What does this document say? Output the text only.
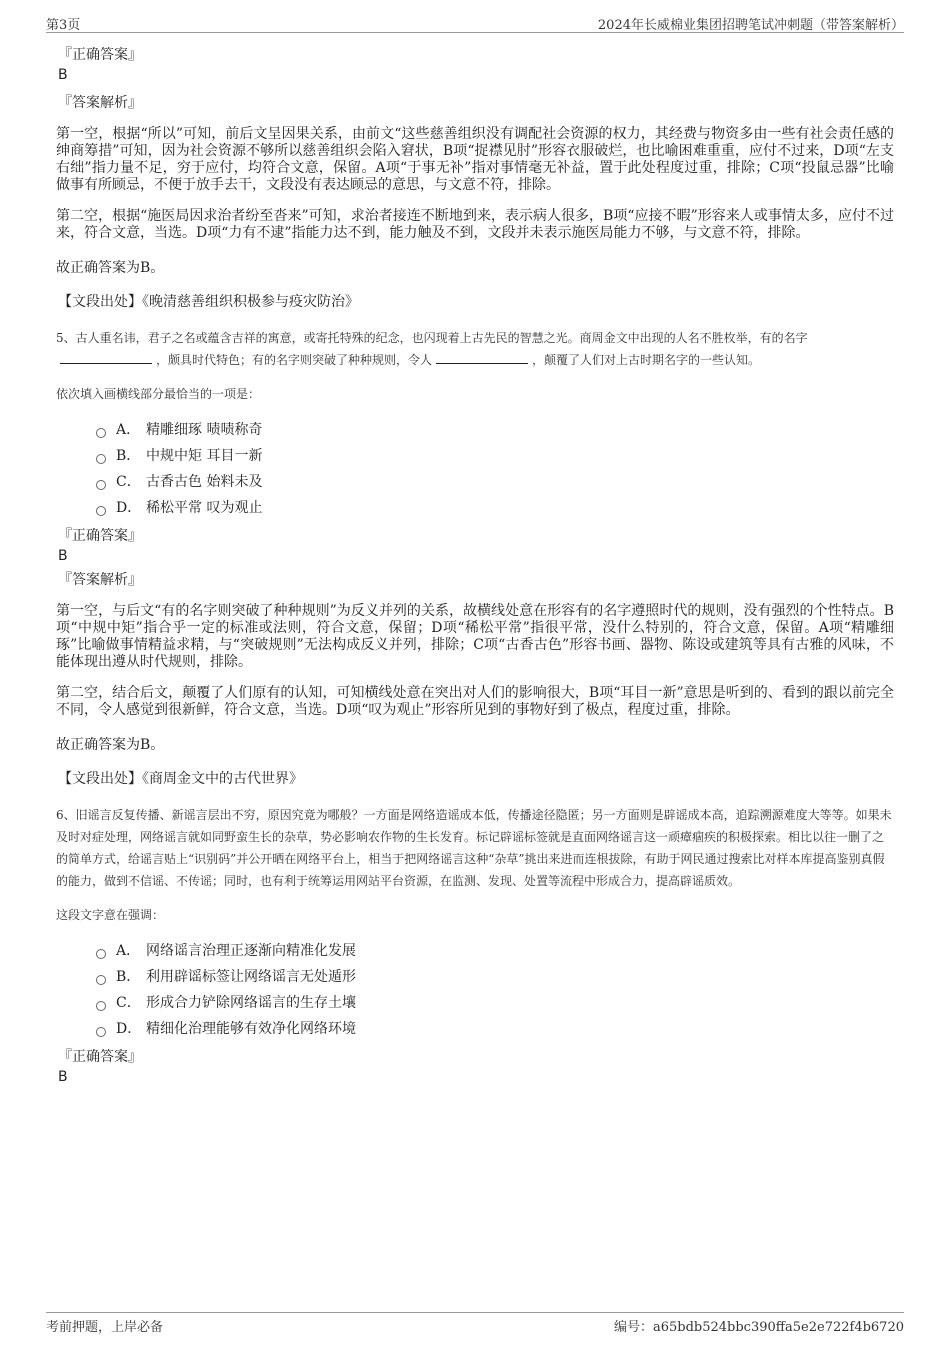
第3页	2024年长威棉业集团招聘笔试冲刺题（带答案解析）
『正确答案』
B
『答案解析』
第一空，根据“所以”可知，前后文呈因果关系，由前文“这些慈善组织没有调配社会资源的权力，其经费与物资多由一些有社会责任感的绅商筹措”可知，因为社会资源不够所以慈善组织会陷入窘状，B项“捉襟见肘”形容衣服破烂，也比喻困难重重，应付不过来，D项“左支右绌”指力量不足，穷于应付，均符合文意，保留。A项“于事无补”指对事情毫无补益，置于此处程度过重，排除；C项“投鼠忌器”比喻做事有所顾忌，不便于放手去干，文段没有表达顾忌的意思，与文意不符，排除。
第二空，根据“施医局因求治者纷至沓来”可知，求治者接连不断地到来，表示病人很多，B项“应接不暇”形容来人或事情太多，应付不过来，符合文意，当选。D项“力有不逮”指能力达不到，能力触及不到，文段并未表示施医局能力不够，与文意不符，排除。
故正确答案为B。
【文段出处】《晚清慈善组织积极参与疫灾防治》
5、古人重名讳，君子之名或蕴含吉祥的寓意，或寄托特殊的纪念，也闪现着上古先民的智慧之光。商周金文中出现的人名不胜枚举，有的名字，颇具时代特色；有的名字则突破了种种规则，令人	，颠覆了人们对上古时期名字的一些认知。
依次填入画横线部分最恰当的一项是：
A． 精雕细琢 啧啧称奇
B． 中规中矩 耳目一新
C． 古香古色 始料未及
D． 稀松平常 叹为观止
『正确答案』
B
『答案解析』
第一空，与后文“有的名字则突破了种种规则”为反义并列的关系，故横线处意在形容有的名字遵照时代的规则，没有强烈的个性特点。B项“中规中矩”指合乎一定的标准或法则，符合文意，保留；D项“稀松平常”指很平常，没什么特别的，符合文意，保留。A项“精雕细琢”比喻做事情精益求精，与“突破规则”无法构成反义并列，排除；C项“古香古色”形容书画、器物、陈设或建筑等具有古雅的风味，不能体现出遵从时代规则，排除。
第二空，结合后文，颠覆了人们原有的认知，可知横线处意在突出对人们的影响很大，B项“耳目一新”意思是听到的、看到的跟以前完全不同，令人感觉到很新鲜，符合文意，当选。D项“叹为观止”形容所见到的事物好到了极点，程度过重，排除。
故正确答案为B。
【文段出处】《商周金文中的古代世界》
6、旧谣言反复传播、新谣言层出不穷，原因究竟为哪般？一方面是网络造谣成本低，传播途径隐匿；另一方面则是辟谣成本高，追踪溯源难度大等等。如果未及时对症处理，网络谣言就如同野蛮生长的杂草，势必影响农作物的生长发育。标记辟谣标签就是直面网络谣言这一顽瘴痼疾的积极探索。相比以往一删了之的简单方式，给谣言贴上“识别码”并公开晒在网络平台上，相当于把网络谣言这种“杂草”挑出来进而连根拔除，有助于网民通过搜索比对样本库提高鉴别真假的能力，做到不信谣、不传谣；同时，也有利于统筹运用网站平台资源，在监测、发现、处置等流程中形成合力，提高辟谣质效。
这段文字意在强调：
A． 网络谣言治理正逐渐向精准化发展
B． 利用辟谣标签让网络谣言无处遁形
C． 形成合力铲除网络谣言的生存土壤
D． 精细化治理能够有效净化网络环境
『正确答案』
B
考前押题，上岸必备	编号：a65bdb524bbc390ffa5e2e722f4b6720
